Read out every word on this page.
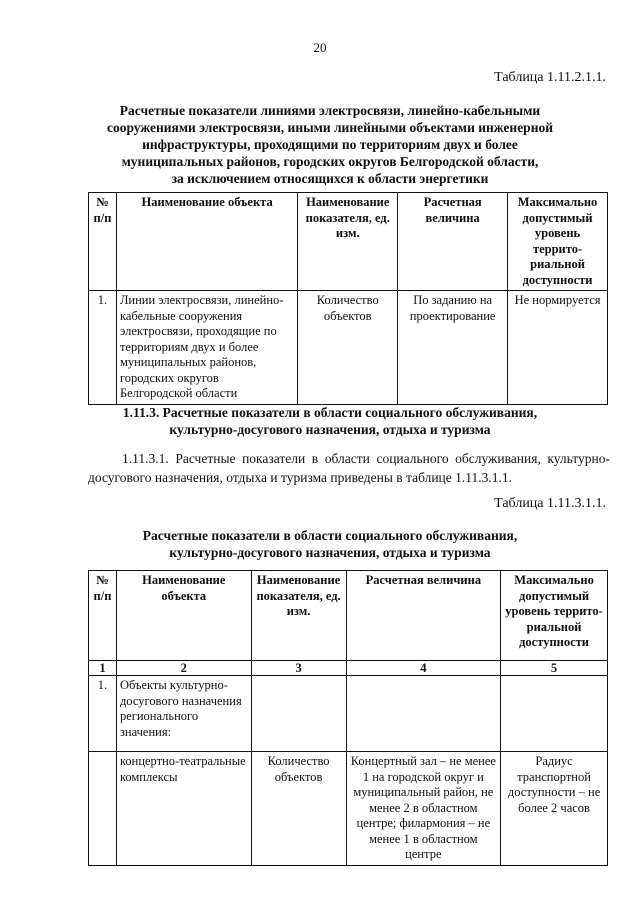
20
Таблица 1.11.2.1.1.
Расчетные показатели линиями электросвязи, линейно-кабельными
сооружениями электросвязи, иными линейными объектами инженерной
инфраструктуры, проходящими по территориям двух и более
муниципальных районов, городских округов Белгородской области,
за исключением относящихся к области энергетики
№ п/п	Наименование объекта	Наименование показателя, ед. изм.	Расчетная величина	Максимально допустимый уровень террито-риальной доступности
1.	Линии электросвязи, линейно-кабельные сооружения электросвязи, проходящие по территориям двух и более муниципальных районов, городских округов Белгородской области	Количество объектов	По заданию на проектирование	Не нормируется
1.11.3. Расчетные показатели в области социального обслуживания,
культурно-досугового назначения, отдыха и туризма
1.11.3.1. Расчетные показатели в области социального обслуживания, культурно-досугового назначения, отдыха и туризма приведены в таблице 1.11.3.1.1.
Таблица 1.11.3.1.1.
Расчетные показатели в области социального обслуживания,
культурно-досугового назначения, отдыха и туризма
№ п/п	Наименование объекта	Наименование показателя, ед. изм.	Расчетная величина	Максимально допустимый уровень террито-риальной доступности
1	2	3	4	5
1.	Объекты культурно-досугового назначения регионального значения:			
	концертно-театральные комплексы	Количество объектов	Концертный зал – не менее 1 на городской округ и муниципальный район, не менее 2 в областном центре; филармония – не менее 1 в областном центре	Радиус транспортной доступности – не более 2 часов
